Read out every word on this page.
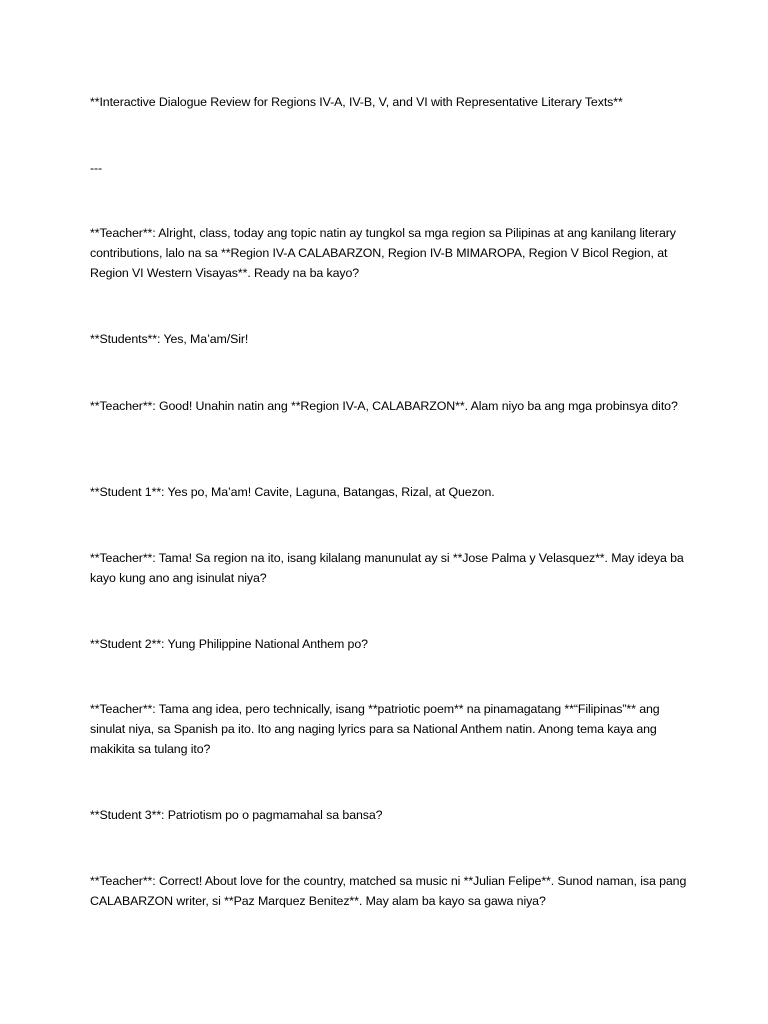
**Interactive Dialogue Review for Regions IV-A, IV-B, V, and VI with Representative Literary Texts**

---

**Teacher**: Alright, class, today ang topic natin ay tungkol sa mga region sa Pilipinas at ang kanilang literary contributions, lalo na sa **Region IV-A CALABARZON, Region IV-B MIMAROPA, Region V Bicol Region, at Region VI Western Visayas**. Ready na ba kayo?

**Students**: Yes, Ma’am/Sir!

**Teacher**: Good! Unahin natin ang **Region IV-A, CALABARZON**. Alam niyo ba ang mga probinsya dito?

**Student 1**: Yes po, Ma’am! Cavite, Laguna, Batangas, Rizal, at Quezon.

**Teacher**: Tama! Sa region na ito, isang kilalang manunulat ay si **Jose Palma y Velasquez**. May ideya ba kayo kung ano ang isinulat niya?

**Student 2**: Yung Philippine National Anthem po?

**Teacher**: Tama ang idea, pero technically, isang **patriotic poem** na pinamagatang **“Filipinas”** ang sinulat niya, sa Spanish pa ito. Ito ang naging lyrics para sa National Anthem natin. Anong tema kaya ang makikita sa tulang ito?

**Student 3**: Patriotism po o pagmamahal sa bansa?

**Teacher**: Correct! About love for the country, matched sa music ni **Julian Felipe**. Sunod naman, isa pang CALABARZON writer, si **Paz Marquez Benitez**. May alam ba kayo sa gawa niya?
